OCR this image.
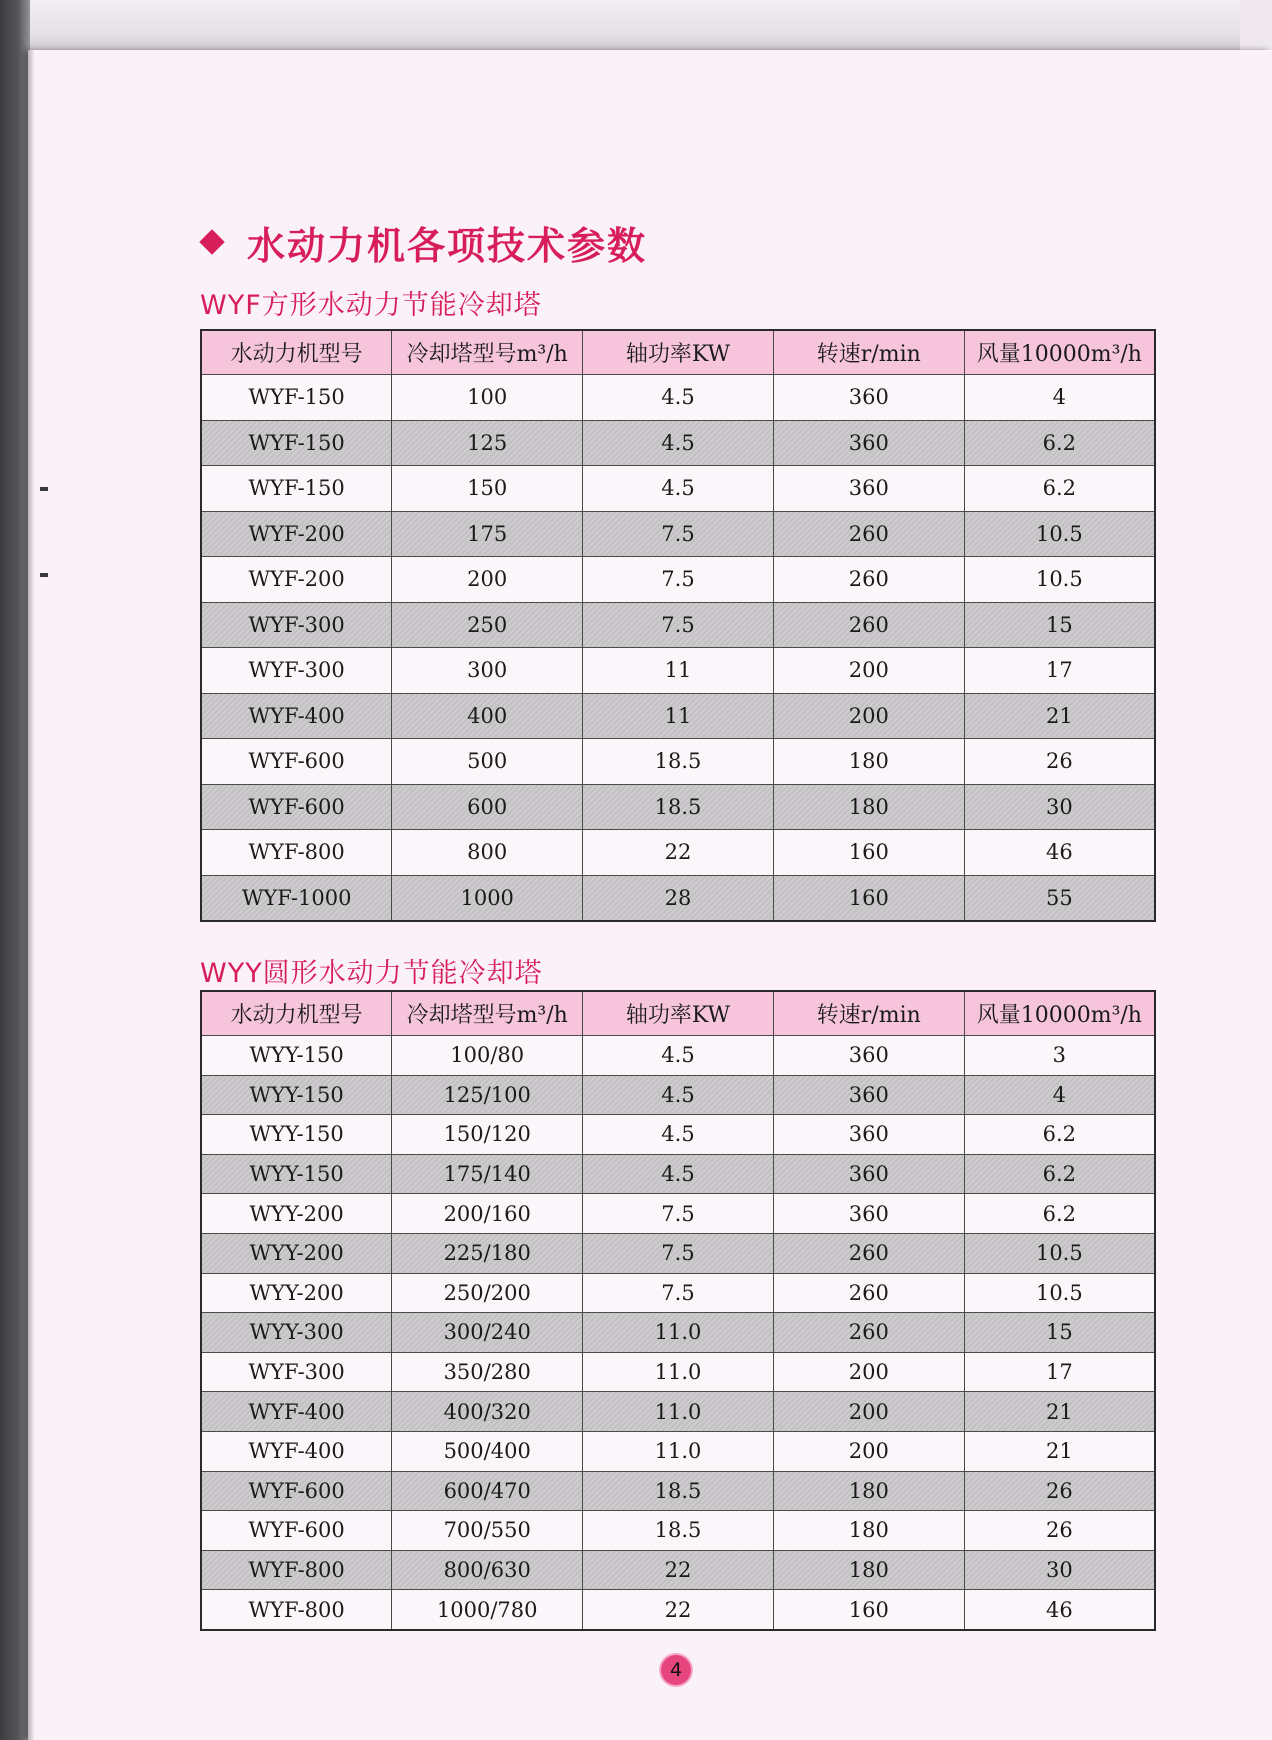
水动力机各项技术参数
WYF方形水动力节能冷却塔
水动力机型号	冷却塔型号m³/h	轴功率KW	转速r/min	风量10000m³/h
WYF-150	100	4.5	360	4
WYF-150	125	4.5	360	6.2
WYF-150	150	4.5	360	6.2
WYF-200	175	7.5	260	10.5
WYF-200	200	7.5	260	10.5
WYF-300	250	7.5	260	15
WYF-300	300	11	200	17
WYF-400	400	11	200	21
WYF-600	500	18.5	180	26
WYF-600	600	18.5	180	30
WYF-800	800	22	160	46
WYF-1000	1000	28	160	55
WYY圆形水动力节能冷却塔
水动力机型号	冷却塔型号m³/h	轴功率KW	转速r/min	风量10000m³/h
WYY-150	100/80	4.5	360	3
WYY-150	125/100	4.5	360	4
WYY-150	150/120	4.5	360	6.2
WYY-150	175/140	4.5	360	6.2
WYY-200	200/160	7.5	360	6.2
WYY-200	225/180	7.5	260	10.5
WYY-200	250/200	7.5	260	10.5
WYY-300	300/240	11.0	260	15
WYF-300	350/280	11.0	200	17
WYF-400	400/320	11.0	200	21
WYF-400	500/400	11.0	200	21
WYF-600	600/470	18.5	180	26
WYF-600	700/550	18.5	180	26
WYF-800	800/630	22	180	30
WYF-800	1000/780	22	160	46
4
